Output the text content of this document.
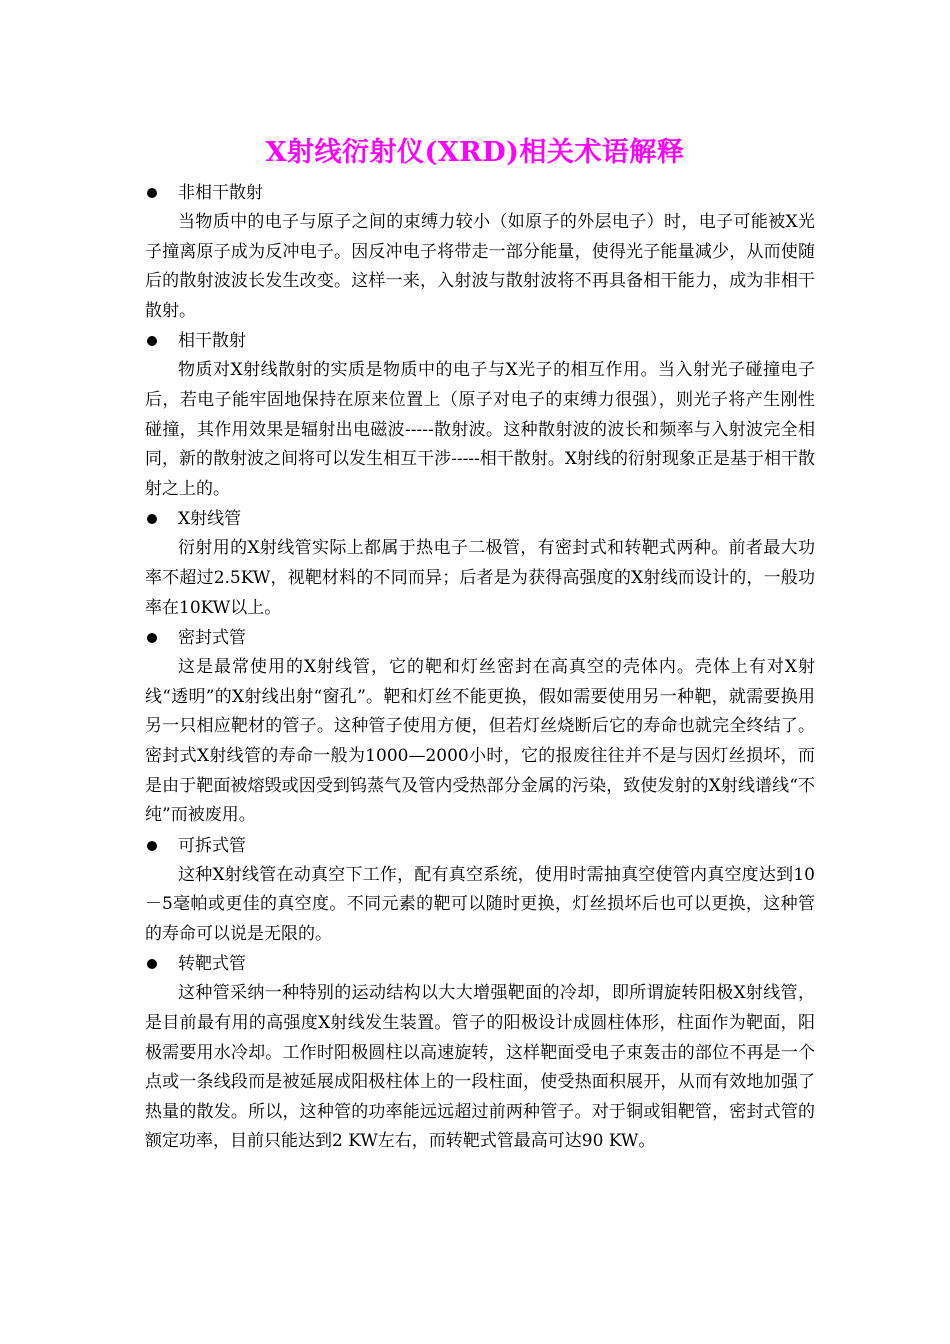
X射线衍射仪(XRD)相关术语解释
非相干散射

当物质中的电子与原子之间的束缚力较小（如原子的外层电子）时，电子可能被X光子撞离原子成为反冲电子。因反冲电子将带走一部分能量，使得光子能量减少，从而使随后的散射波波长发生改变。这样一来，入射波与散射波将不再具备相干能力，成为非相干散射。

相干散射

物质对X射线散射的实质是物质中的电子与X光子的相互作用。当入射光子碰撞电子后，若电子能牢固地保持在原来位置上（原子对电子的束缚力很强），则光子将产生刚性碰撞，其作用效果是辐射出电磁波-----散射波。这种散射波的波长和频率与入射波完全相同，新的散射波之间将可以发生相互干涉-----相干散射。X射线的衍射现象正是基于相干散射之上的。

X射线管

衍射用的X射线管实际上都属于热电子二极管，有密封式和转靶式两种。前者最大功率不超过2.5KW，视靶材料的不同而异；后者是为获得高强度的X射线而设计的，一般功率在10KW以上。

密封式管

这是最常使用的X射线管，它的靶和灯丝密封在高真空的壳体内。壳体上有对X射线“透明”的X射线出射“窗孔”。靶和灯丝不能更换，假如需要使用另一种靶，就需要换用另一只相应靶材的管子。这种管子使用方便，但若灯丝烧断后它的寿命也就完全终结了。密封式X射线管的寿命一般为1000—2000小时，它的报废往往并不是与因灯丝损坏，而是由于靶面被熔毁或因受到钨蒸气及管内受热部分金属的污染，致使发射的X射线谱线“不纯”而被废用。

可拆式管

这种X射线管在动真空下工作，配有真空系统，使用时需抽真空使管内真空度达到10－5毫帕或更佳的真空度。不同元素的靶可以随时更换，灯丝损坏后也可以更换，这种管的寿命可以说是无限的。

转靶式管

这种管采纳一种特别的运动结构以大大增强靶面的冷却，即所谓旋转阳极X射线管，是目前最有用的高强度X射线发生装置。管子的阳极设计成圆柱体形，柱面作为靶面，阳极需要用水冷却。工作时阳极圆柱以高速旋转，这样靶面受电子束轰击的部位不再是一个点或一条线段而是被延展成阳极柱体上的一段柱面，使受热面积展开，从而有效地加强了热量的散发。所以，这种管的功率能远远超过前两种管子。对于铜或钼靶管，密封式管的额定功率，目前只能达到2 KW左右，而转靶式管最高可达90 KW。
